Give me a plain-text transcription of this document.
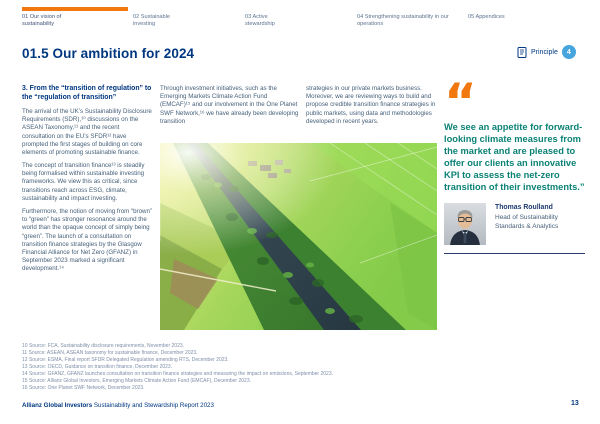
01 Our vision of sustainability
02 Sustainable investing
03 Active stewardship
04 Strengthening sustainability in our operations
05 Appendices
01.5 Our ambition for 2024	Principle	4
3. From the “transition of regulation” to the “regulation of transition”

The arrival of the UK’s Sustainability Disclosure Requirements (SDR),¹⁰ discussions on the ASEAN Taxonomy,¹¹ and the recent consultation on the EU’s SFDR¹² have prompted the first stages of building on core elements of promoting sustainable finance.

The concept of transition finance¹³ is steadily being formalised within sustainable investing frameworks. We view this as critical, since transitions reach across ESG, climate, sustainability and impact investing.

Furthermore, the notion of moving from “brown” to “green” has stronger resonance around the world than the opaque concept of simply being “green”. The launch of a consultation on transition finance strategies by the Glasgow Financial Alliance for Net Zero (GFANZ) in September 2023 marked a significant development.¹⁴

Through investment initiatives, such as the Emerging Markets Climate Action Fund (EMCAF)¹⁵ and our involvement in the One Planet SWF Network,¹⁶ we have already been developing transition

strategies in our private markets business. Moreover, we are reviewing ways to build and propose credible transition finance strategies in public markets, using data and methodologies developed in recent years.	“
We see an appetite for forward-looking climate measures from the market and are pleased to offer our clients an innovative KPI to assess the net-zero transition of their investments.”
Thomas Roulland
Head of Sustainability Standards & Analytics
10 Source: FCA, Sustainability disclosure requirements, November 2023.
11 Source: ASEAN, ASEAN taxonomy for sustainable finance, December 2023.
12 Source: ESMA, Final report SFDR Delegated Regulation amending RTS, December 2023.
13 Source: OECD, Guidance on transition finance, December 2023.
14 Source: GFANZ, GFANZ launches consultation on transition finance strategies and measuring the impact on emissions, September 2023.
15 Source: Allianz Global Investors, Emerging Markets Climate Action Fund (EMCAF), December 2023.
16 Source: One Planet SWF Network, December 2023.
Allianz Global Investors Sustainability and Stewardship Report 2023	13
